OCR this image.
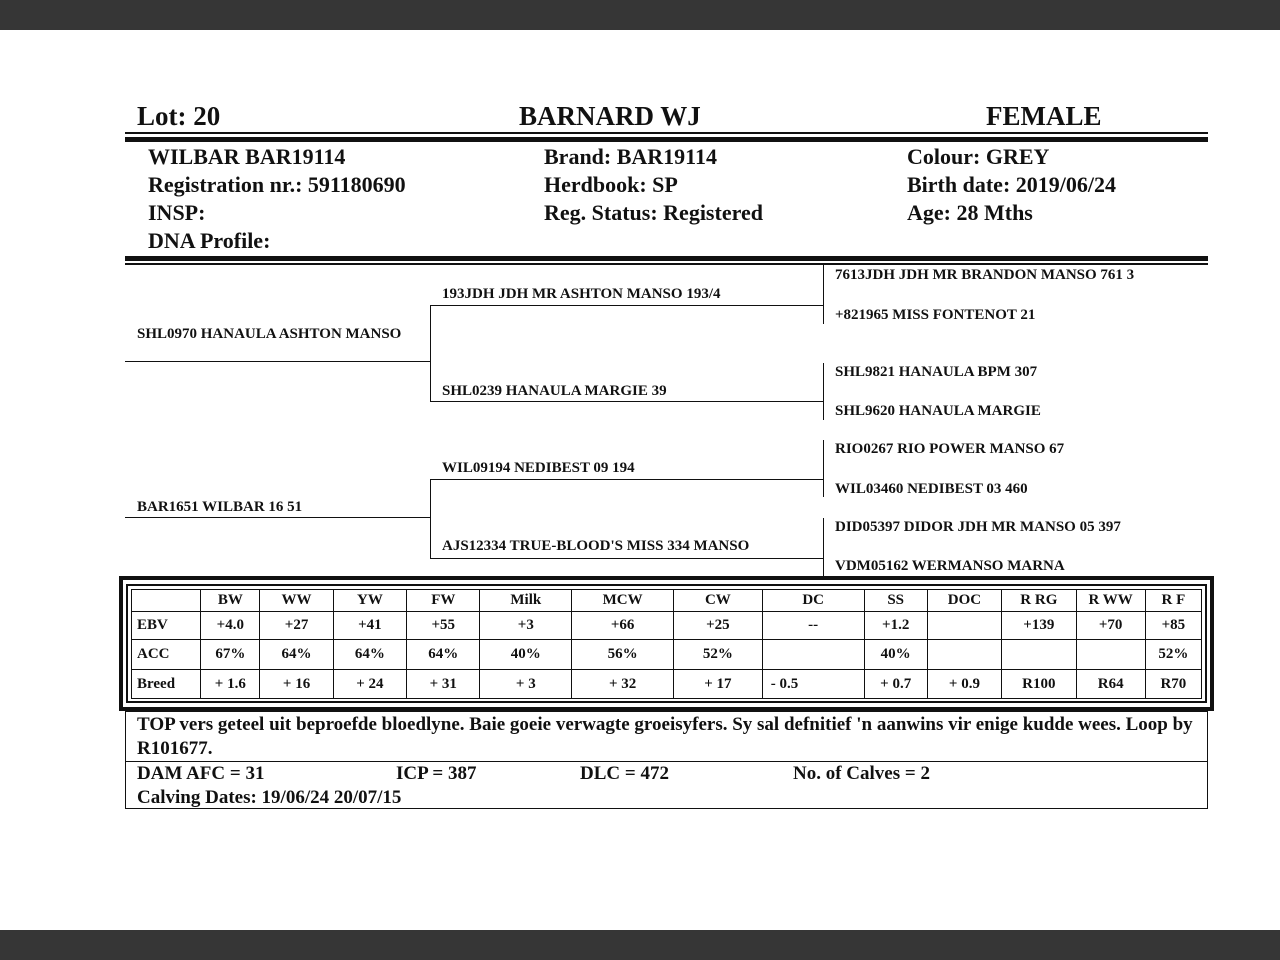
Lot: 20	BARNARD WJ	FEMALE
WILBAR BAR19114
Registration nr.: 591180690
INSP:
DNA Profile:
Brand: BAR19114
Herdbook: SP
Reg. Status: Registered
Colour: GREY
Birth date: 2019/06/24
Age: 28 Mths
SHL0970 HANAULA ASHTON MANSO
BAR1651 WILBAR 16 51
193JDH JDH MR ASHTON MANSO 193/4
SHL0239 HANAULA MARGIE 39
WIL09194 NEDIBEST 09 194
AJS12334 TRUE-BLOOD'S MISS 334 MANSO
7613JDH JDH MR BRANDON MANSO 761 3
+821965 MISS FONTENOT 21
SHL9821 HANAULA BPM 307
SHL9620 HANAULA MARGIE
RIO0267 RIO POWER MANSO 67
WIL03460 NEDIBEST 03 460
DID05397 DIDOR JDH MR MANSO 05 397
VDM05162 WERMANSO MARNA
	BW	WW	YW	FW	Milk	MCW	CW	DC	SS	DOC	R RG	R WW	R F
EBV	+4.0	+27	+41	+55	+3	+66	+25	--	+1.2		+139	+70	+85
ACC	67%	64%	64%	64%	40%	56%	52%		40%				52%
Breed	+ 1.6	+ 16	+ 24	+ 31	+ 3	+ 32	+ 17	- 0.5	+ 0.7	+ 0.9	R100	R64	R70
TOP vers geteel uit beproefde bloedlyne. Baie goeie verwagte groeisyfers. Sy sal defnitief 'n aanwins vir enige kudde wees. Loop by R101677.
DAM AFC = 31	ICP = 387	DLC = 472	No. of Calves = 2
Calving Dates: 19/06/24 20/07/15
